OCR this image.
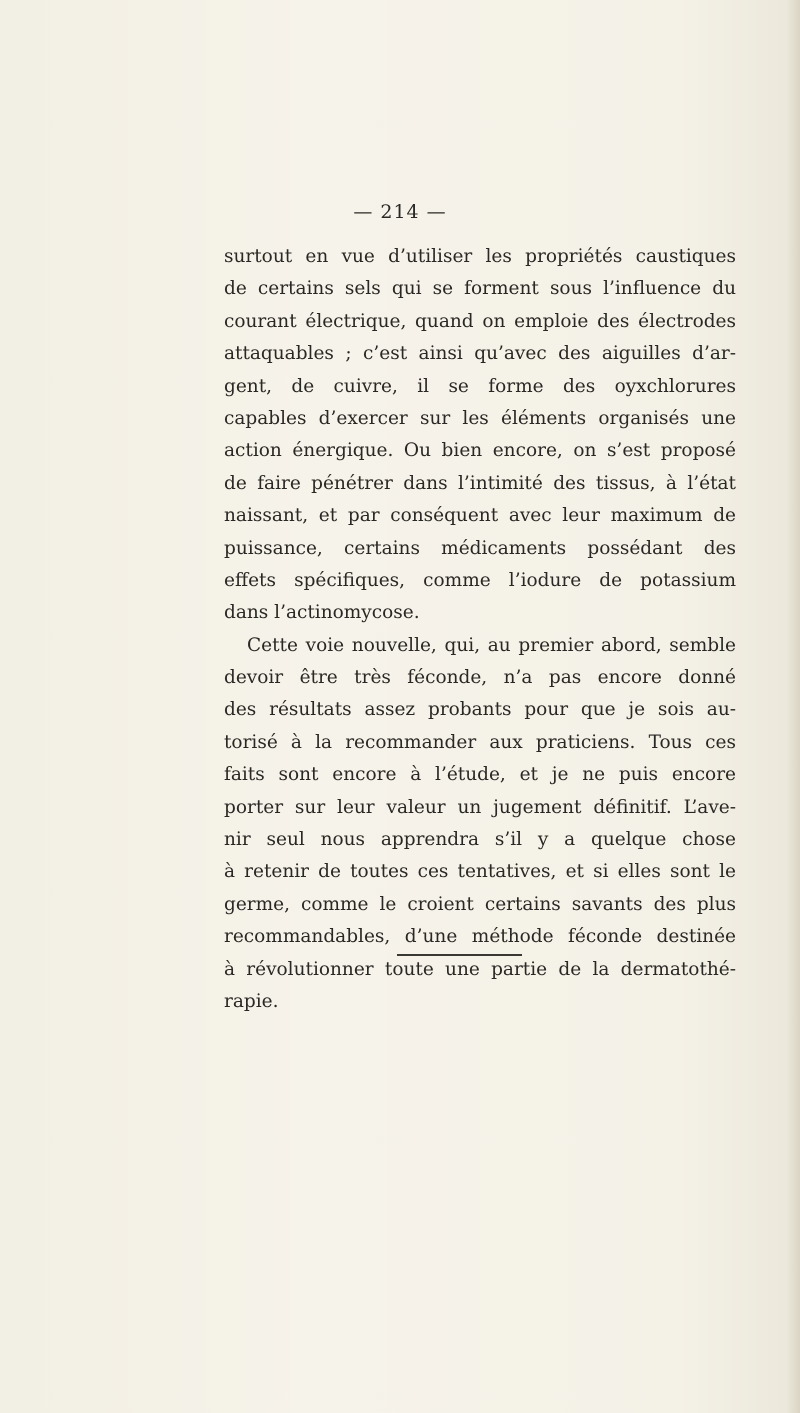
— 214 —
surtout en vue d’utiliser les propriétés caustiques
de certains sels qui se forment sous l’influence du
courant électrique, quand on emploie des électrodes
attaquables ; c’est ainsi qu’avec des aiguilles d’ar-
gent, de cuivre, il se forme des oyxchlorures
capables d’exercer sur les éléments organisés une
action énergique. Ou bien encore, on s’est proposé
de faire pénétrer dans l’intimité des tissus, à l’état
naissant, et par conséquent avec leur maximum de
puissance, certains médicaments possédant des
effets spécifiques, comme l’iodure de potassium
dans l’actinomycose.
Cette voie nouvelle, qui, au premier abord, semble
devoir être très féconde, n’a pas encore donné
des résultats assez probants pour que je sois au-
torisé à la recommander aux praticiens. Tous ces
faits sont encore à l’étude, et je ne puis encore
porter sur leur valeur un jugement définitif. L’ave-
nir seul nous apprendra s’il y a quelque chose
à retenir de toutes ces tentatives, et si elles sont le
germe, comme le croient certains savants des plus
recommandables, d’une méthode féconde destinée
à révolutionner toute une partie de la dermatothé-
rapie.
